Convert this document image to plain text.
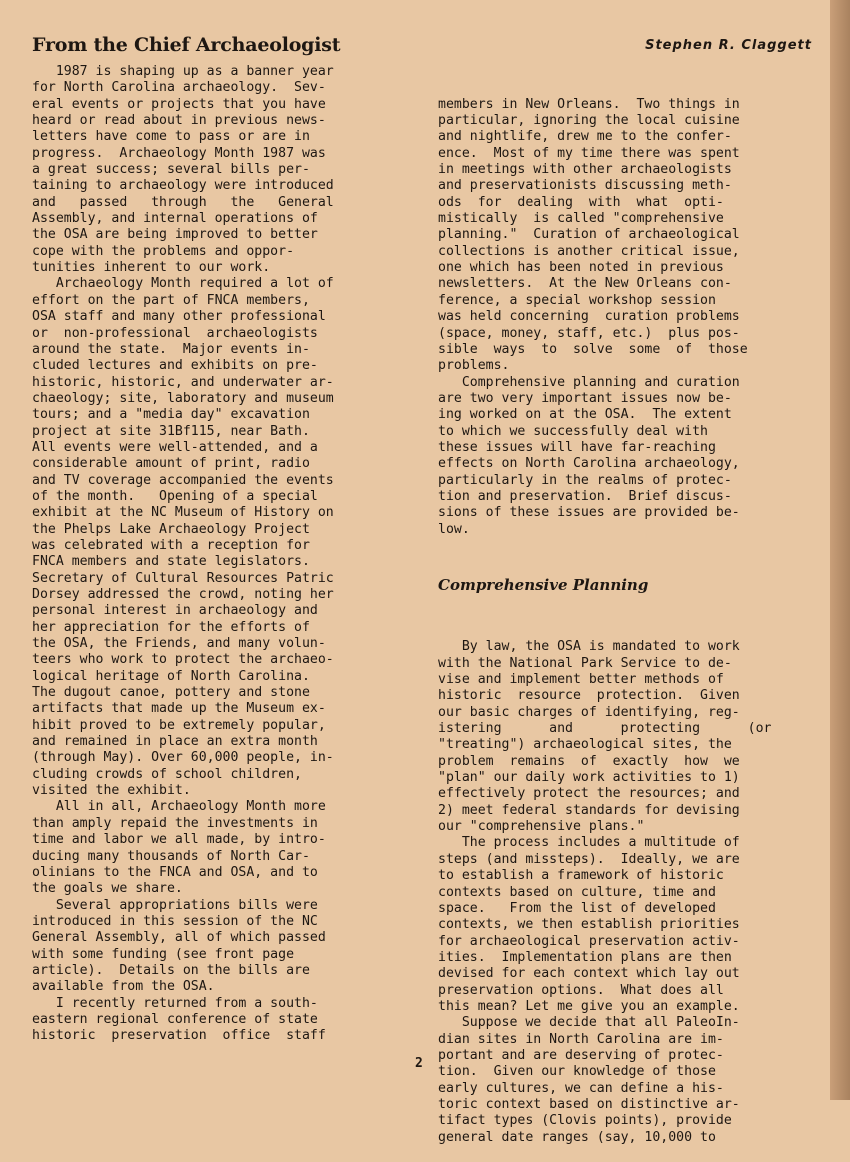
From the Chief Archaeologist	Stephen R. Claggett
1987 is shaping up as a banner year
for North Carolina archaeology.  Sev-
eral events or projects that you have
heard or read about in previous news-
letters have come to pass or are in
progress.  Archaeology Month 1987 was
a great success; several bills per-
taining to archaeology were introduced
and   passed   through   the   General
Assembly, and internal operations of
the OSA are being improved to better
cope with the problems and oppor-
tunities inherent to our work.
Archaeology Month required a lot of
effort on the part of FNCA members,
OSA staff and many other professional
or  non-professional  archaeologists
around the state.  Major events in-
cluded lectures and exhibits on pre-
historic, historic, and underwater ar-
chaeology; site, laboratory and museum
tours; and a "media day" excavation
project at site 31Bf115, near Bath.
All events were well-attended, and a
considerable amount of print, radio
and TV coverage accompanied the events
of the month.   Opening of a special
exhibit at the NC Museum of History on
the Phelps Lake Archaeology Project
was celebrated with a reception for
FNCA members and state legislators.
Secretary of Cultural Resources Patric
Dorsey addressed the crowd, noting her
personal interest in archaeology and
her appreciation for the efforts of
the OSA, the Friends, and many volun-
teers who work to protect the archaeo-
logical heritage of North Carolina.
The dugout canoe, pottery and stone
artifacts that made up the Museum ex-
hibit proved to be extremely popular,
and remained in place an extra month
(through May). Over 60,000 people, in-
cluding crowds of school children,
visited the exhibit.
All in all, Archaeology Month more
than amply repaid the investments in
time and labor we all made, by intro-
ducing many thousands of North Car-
olinians to the FNCA and OSA, and to
the goals we share.
Several appropriations bills were
introduced in this session of the NC
General Assembly, all of which passed
with some funding (see front page
article).  Details on the bills are
available from the OSA.
I recently returned from a south-
eastern regional conference of state
historic  preservation  office  staff

members in New Orleans.  Two things in
particular, ignoring the local cuisine
and nightlife, drew me to the confer-
ence.  Most of my time there was spent
in meetings with other archaeologists
and preservationists discussing meth-
ods  for  dealing  with  what  opti-
mistically  is called "comprehensive
planning."  Curation of archaeological
collections is another critical issue,
one which has been noted in previous
newsletters.  At the New Orleans con-
ference, a special workshop session
was held concerning  curation problems
(space, money, staff, etc.)  plus pos-
sible  ways  to  solve  some  of  those
problems.
Comprehensive planning and curation
are two very important issues now be-
ing worked on at the OSA.  The extent
to which we successfully deal with
these issues will have far-reaching
effects on North Carolina archaeology,
particularly in the realms of protec-
tion and preservation.  Brief discus-
sions of these issues are provided be-
low.

Comprehensive Planning

By law, the OSA is mandated to work
with the National Park Service to de-
vise and implement better methods of
historic  resource  protection.  Given
our basic charges of identifying, reg-
istering      and      protecting      (or
"treating") archaeological sites, the
problem  remains  of  exactly  how  we
"plan" our daily work activities to 1)
effectively protect the resources; and
2) meet federal standards for devising
our "comprehensive plans."
The process includes a multitude of
steps (and missteps).  Ideally, we are
to establish a framework of historic
contexts based on culture, time and
space.   From the list of developed
contexts, we then establish priorities
for archaeological preservation activ-
ities.  Implementation plans are then
devised for each context which lay out
preservation options.  What does all
this mean? Let me give you an example.
Suppose we decide that all PaleoIn-
dian sites in North Carolina are im-
portant and are deserving of protec-
tion.  Given our knowledge of those
early cultures, we can define a his-
toric context based on distinctive ar-
tifact types (Clovis points), provide
general date ranges (say, 10,000 to

2
